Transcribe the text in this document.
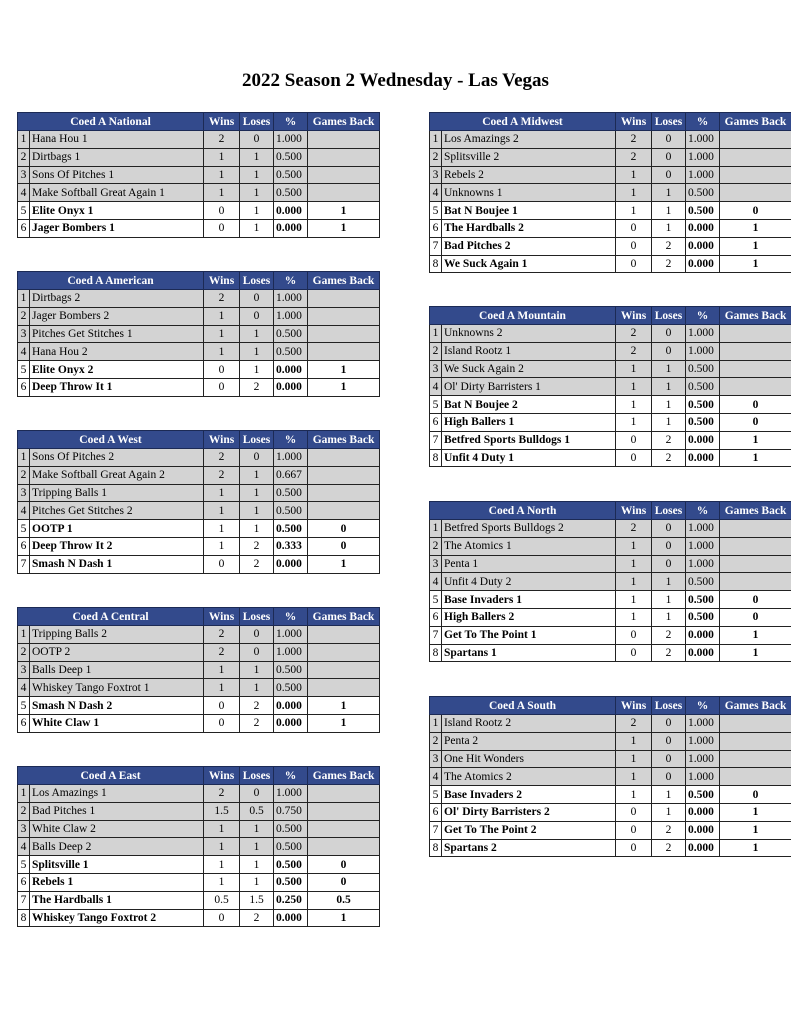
2022 Season 2 Wednesday - Las Vegas
Coed A National		Wins	Loses	%	Games Back
1	Hana Hou 1	2	0	1.000	
2	Dirtbags 1	1	1	0.500	
3	Sons Of Pitches 1	1	1	0.500	
4	Make Softball Great Again 1	1	1	0.500	
5	Elite Onyx 1	0	1	0.000	1
6	Jager Bombers 1	0	1	0.000	1
Coed A American		Wins	Loses	%	Games Back
1	Dirtbags 2	2	0	1.000	
2	Jager Bombers 2	1	0	1.000	
3	Pitches Get Stitches 1	1	1	0.500	
4	Hana Hou 2	1	1	0.500	
5	Elite Onyx 2	0	1	0.000	1
6	Deep Throw It 1	0	2	0.000	1
Coed A West		Wins	Loses	%	Games Back
1	Sons Of Pitches 2	2	0	1.000	
2	Make Softball Great Again 2	2	1	0.667	
3	Tripping Balls 1	1	1	0.500	
4	Pitches Get Stitches 2	1	1	0.500	
5	OOTP 1	1	1	0.500	0
6	Deep Throw It 2	1	2	0.333	0
7	Smash N Dash 1	0	2	0.000	1
Coed A Central		Wins	Loses	%	Games Back
1	Tripping Balls 2	2	0	1.000	
2	OOTP 2	2	0	1.000	
3	Balls Deep 1	1	1	0.500	
4	Whiskey Tango Foxtrot 1	1	1	0.500	
5	Smash N Dash 2	0	2	0.000	1
6	White Claw 1	0	2	0.000	1
Coed A East		Wins	Loses	%	Games Back
1	Los Amazings 1	2	0	1.000	
2	Bad Pitches 1	1.5	0.5	0.750	
3	White Claw 2	1	1	0.500	
4	Balls Deep 2	1	1	0.500	
5	Splitsville 1	1	1	0.500	0
6	Rebels 1	1	1	0.500	0
7	The Hardballs 1	0.5	1.5	0.250	0.5
8	Whiskey Tango Foxtrot 2	0	2	0.000	1
Coed A Midwest		Wins	Loses	%	Games Back
1	Los Amazings 2	2	0	1.000	
2	Splitsville 2	2	0	1.000	
3	Rebels 2	1	0	1.000	
4	Unknowns 1	1	1	0.500	
5	Bat N Boujee 1	1	1	0.500	0
6	The Hardballs 2	0	1	0.000	1
7	Bad Pitches 2	0	2	0.000	1
8	We Suck Again 1	0	2	0.000	1
Coed A Mountain		Wins	Loses	%	Games Back
1	Unknowns 2	2	0	1.000	
2	Island Rootz 1	2	0	1.000	
3	We Suck Again 2	1	1	0.500	
4	Ol' Dirty Barristers 1	1	1	0.500	
5	Bat N Boujee 2	1	1	0.500	0
6	High Ballers 1	1	1	0.500	0
7	Betfred Sports Bulldogs 1	0	2	0.000	1
8	Unfit 4 Duty 1	0	2	0.000	1
Coed A North		Wins	Loses	%	Games Back
1	Betfred Sports Bulldogs 2	2	0	1.000	
2	The Atomics 1	1	0	1.000	
3	Penta 1	1	0	1.000	
4	Unfit 4 Duty 2	1	1	0.500	
5	Base Invaders 1	1	1	0.500	0
6	High Ballers 2	1	1	0.500	0
7	Get To The Point 1	0	2	0.000	1
8	Spartans 1	0	2	0.000	1
Coed A South		Wins	Loses	%	Games Back
1	Island Rootz 2	2	0	1.000	
2	Penta 2	1	0	1.000	
3	One Hit Wonders	1	0	1.000	
4	The Atomics 2	1	0	1.000	
5	Base Invaders 2	1	1	0.500	0
6	Ol' Dirty Barristers 2	0	1	0.000	1
7	Get To The Point 2	0	2	0.000	1
8	Spartans 2	0	2	0.000	1
